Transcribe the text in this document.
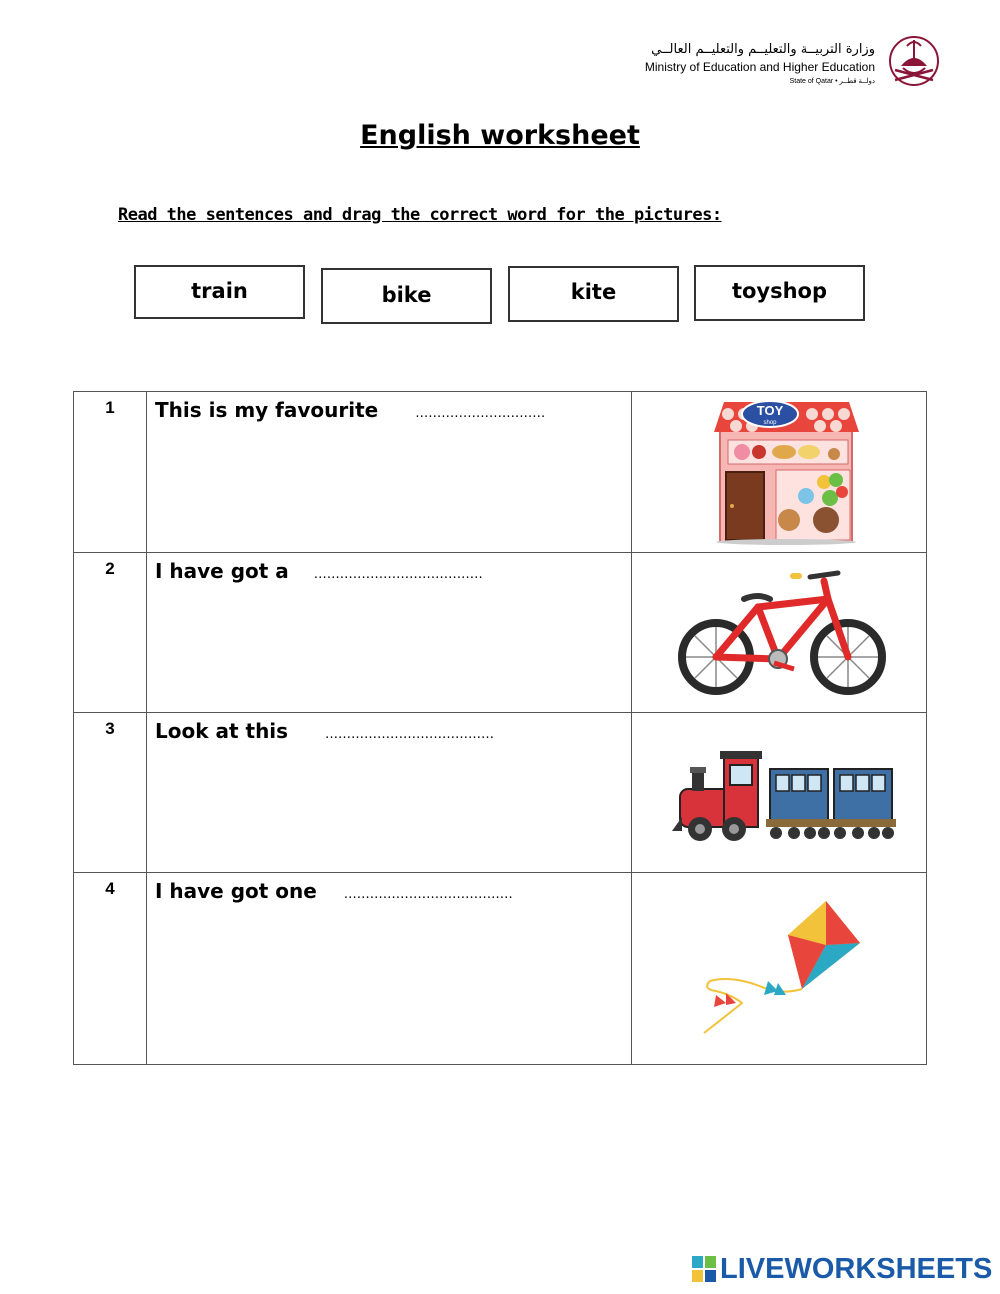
وزارة التربيــة والتعليــم والتعليــم العالــي
Ministry of Education and Higher Education
State of Qatar • دولــة قطــر
English worksheet
Read the sentences and drag the correct word for the pictures:
train	bike	kite	toyshop
1	This is my favourite …………………………	TOY
shop

2	I have got a …………………………………	

3	Look at this …………………………………	

4	I have got one …………………………………	
LIVEWORKSHEETS
